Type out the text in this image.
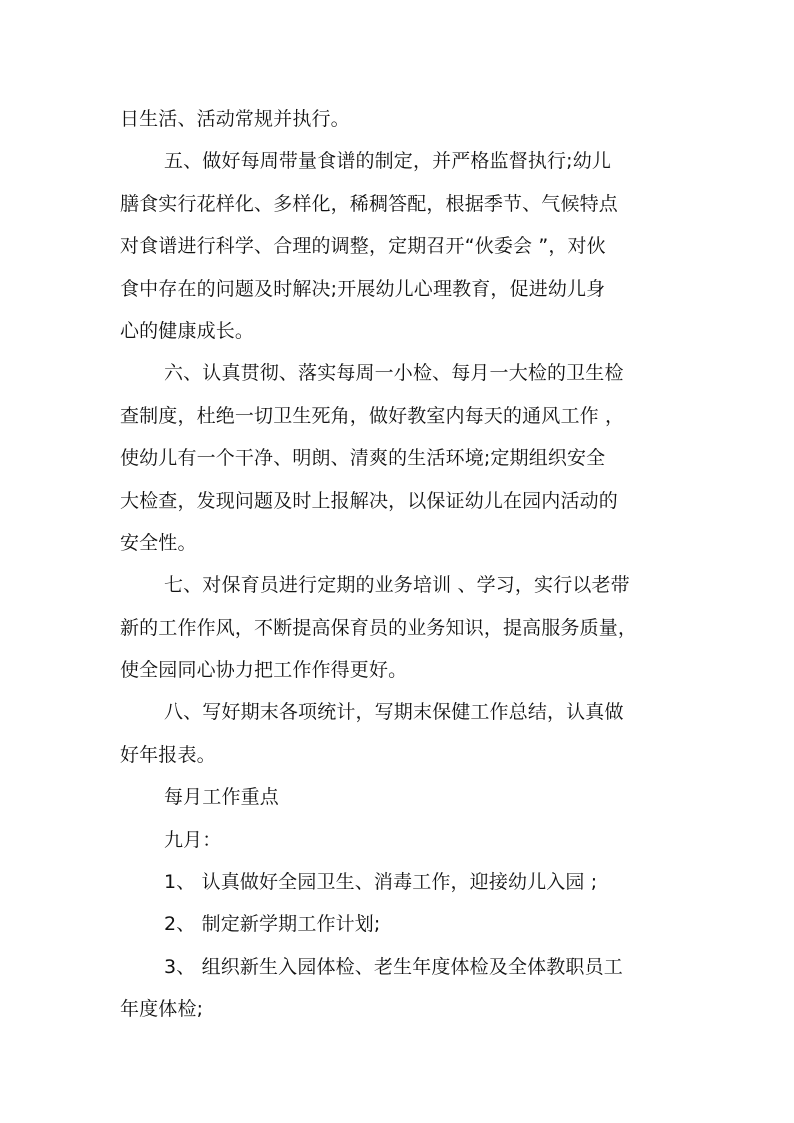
日生活、活动常规并执行。
五、做好每周带量食谱的制定，并严格监督执行;幼儿
膳食实行花样化、多样化，稀稠答配，根据季节、气候特点
对食谱进行科学、合理的调整，定期召开“伙委会 ”，对伙
食中存在的问题及时解决;开展幼儿心理教育，促进幼儿身
心的健康成长。
六、认真贯彻、落实每周一小检、每月一大检的卫生检
查制度，杜绝一切卫生死角，做好教室内每天的通风工作 ，
使幼儿有一个干净、明朗、清爽的生活环境;定期组织安全
大检查，发现问题及时上报解决，以保证幼儿在园内活动的
安全性。
七、对保育员进行定期的业务培训 、学习，实行以老带
新的工作作风，不断提高保育员的业务知识，提高服务质量，
使全园同心协力把工作作得更好。
八、写好期末各项统计，写期末保健工作总结，认真做
好年报表。
每月工作重点
九月：
1、 认真做好全园卫生、消毒工作，迎接幼儿入园 ;
2、 制定新学期工作计划;
3、 组织新生入园体检、老生年度体检及全体教职员工
年度体检;
